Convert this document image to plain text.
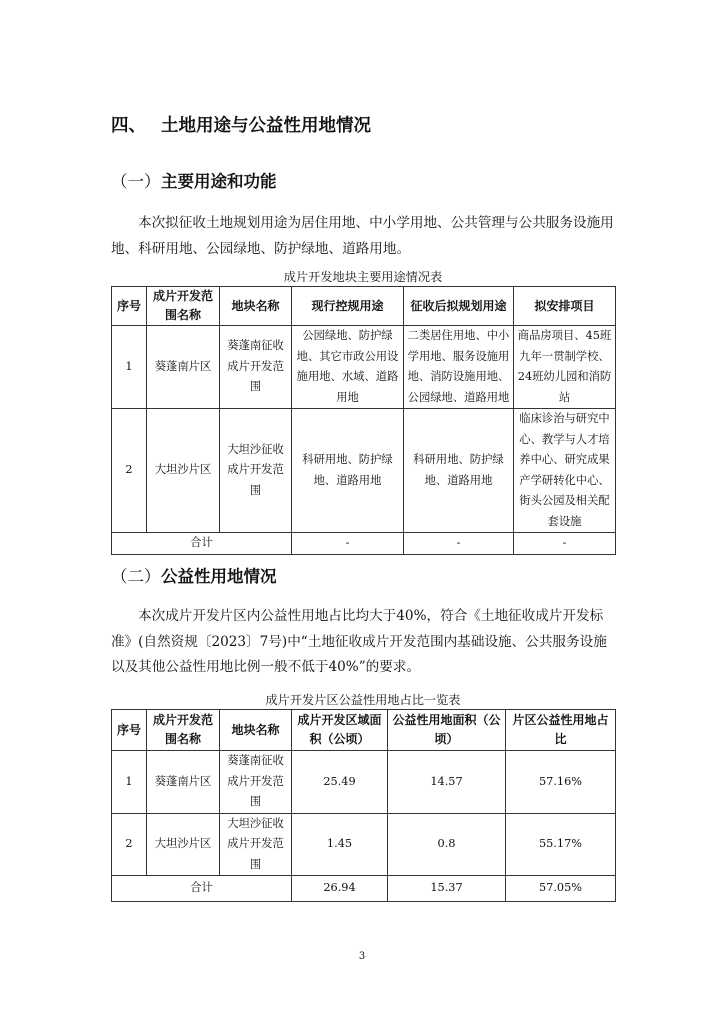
四、 土地用途与公益性用地情况
（一）主要用途和功能
本次拟征收土地规划用途为居住用地、中小学用地、公共管理与公共服务设施用地、科研用地、公园绿地、防护绿地、道路用地。
成片开发地块主要用途情况表
序号	成片开发范围名称	地块名称	现行控规用途	征收后拟规划用途	拟安排项目
1	葵蓬南片区	葵蓬南征收成片开发范围	公园绿地、防护绿地、其它市政公用设施用地、水域、道路用地	二类居住用地、中小学用地、服务设施用地、消防设施用地、公园绿地、道路用地	商品房项目、45班九年一贯制学校、24班幼儿园和消防站
2	大坦沙片区	大坦沙征收成片开发范围	科研用地、防护绿地、道路用地	科研用地、防护绿地、道路用地	临床诊治与研究中心、教学与人才培养中心、研究成果产学研转化中心、街头公园及相关配套设施
合计			-	-	-
（二）公益性用地情况
本次成片开发片区内公益性用地占比均大于40%，符合《土地征收成片开发标准》(自然资规〔2023〕7号)中“土地征收成片开发范围内基础设施、公共服务设施以及其他公益性用地比例一般不低于40%”的要求。
成片开发片区公益性用地占比一览表
序号	成片开发范围名称	地块名称	成片开发区域面积（公顷）	公益性用地面积（公顷）	片区公益性用地占比
1	葵蓬南片区	葵蓬南征收成片开发范围	25.49	14.57	57.16%
2	大坦沙片区	大坦沙征收成片开发范围	1.45	0.8	55.17%
合计			26.94	15.37	57.05%
3
